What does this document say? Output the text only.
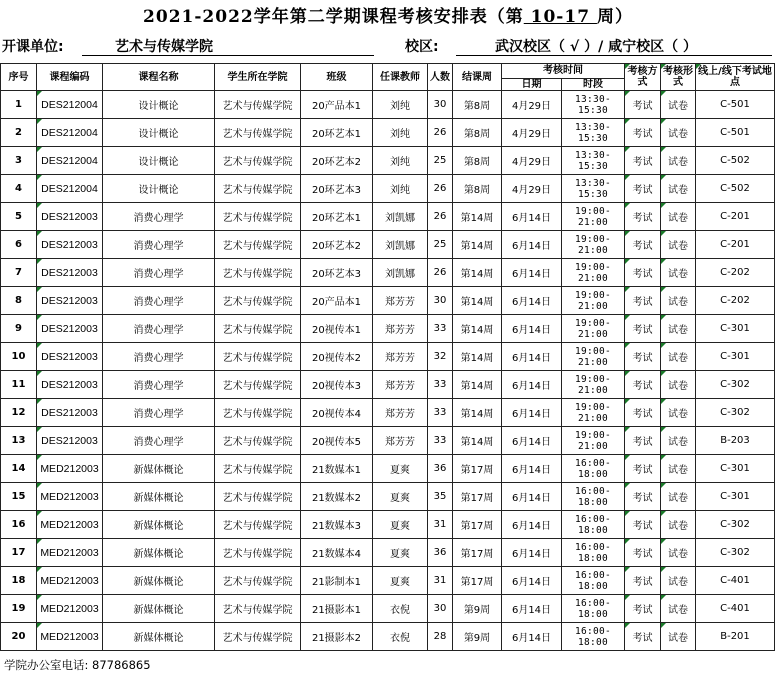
2021-2022学年第二学期课程考核安排表（第 10-17 周）
开课单位:	艺术与传媒学院	校区:	武汉校区（ √ ）/ 咸宁校区（ ）
序号	课程编码	课程名称	学生所在学院	班级	任课教师	人数	结课周	考核时间		考核方式	考核形式	线上/线下考试地点
								日期	时段			
1	DES212004	设计概论	艺术与传媒学院	20产品本1	刘纯	30	第8周	4月29日	13:30-15:30	考试	试卷	C-501
2	DES212004	设计概论	艺术与传媒学院	20环艺本1	刘纯	26	第8周	4月29日	13:30-15:30	考试	试卷	C-501
3	DES212004	设计概论	艺术与传媒学院	20环艺本2	刘纯	25	第8周	4月29日	13:30-15:30	考试	试卷	C-502
4	DES212004	设计概论	艺术与传媒学院	20环艺本3	刘纯	26	第8周	4月29日	13:30-15:30	考试	试卷	C-502
5	DES212003	消费心理学	艺术与传媒学院	20环艺本1	刘凯娜	26	第14周	6月14日	19:00-21:00	考试	试卷	C-201
6	DES212003	消费心理学	艺术与传媒学院	20环艺本2	刘凯娜	25	第14周	6月14日	19:00-21:00	考试	试卷	C-201
7	DES212003	消费心理学	艺术与传媒学院	20环艺本3	刘凯娜	26	第14周	6月14日	19:00-21:00	考试	试卷	C-202
8	DES212003	消费心理学	艺术与传媒学院	20产品本1	郑芳芳	30	第14周	6月14日	19:00-21:00	考试	试卷	C-202
9	DES212003	消费心理学	艺术与传媒学院	20视传本1	郑芳芳	33	第14周	6月14日	19:00-21:00	考试	试卷	C-301
10	DES212003	消费心理学	艺术与传媒学院	20视传本2	郑芳芳	32	第14周	6月14日	19:00-21:00	考试	试卷	C-301
11	DES212003	消费心理学	艺术与传媒学院	20视传本3	郑芳芳	33	第14周	6月14日	19:00-21:00	考试	试卷	C-302
12	DES212003	消费心理学	艺术与传媒学院	20视传本4	郑芳芳	33	第14周	6月14日	19:00-21:00	考试	试卷	C-302
13	DES212003	消费心理学	艺术与传媒学院	20视传本5	郑芳芳	33	第14周	6月14日	19:00-21:00	考试	试卷	B-203
14	MED212003	新媒体概论	艺术与传媒学院	21数媒本1	夏爽	36	第17周	6月14日	16:00-18:00	考试	试卷	C-301
15	MED212003	新媒体概论	艺术与传媒学院	21数媒本2	夏爽	35	第17周	6月14日	16:00-18:00	考试	试卷	C-301
16	MED212003	新媒体概论	艺术与传媒学院	21数媒本3	夏爽	31	第17周	6月14日	16:00-18:00	考试	试卷	C-302
17	MED212003	新媒体概论	艺术与传媒学院	21数媒本4	夏爽	36	第17周	6月14日	16:00-18:00	考试	试卷	C-302
18	MED212003	新媒体概论	艺术与传媒学院	21影制本1	夏爽	31	第17周	6月14日	16:00-18:00	考试	试卷	C-401
19	MED212003	新媒体概论	艺术与传媒学院	21摄影本1	衣倪	30	第9周	6月14日	16:00-18:00	考试	试卷	C-401
20	MED212003	新媒体概论	艺术与传媒学院	21摄影本2	衣倪	28	第9周	6月14日	16:00-18:00	考试	试卷	B-201
学院办公室电话: 87786865
